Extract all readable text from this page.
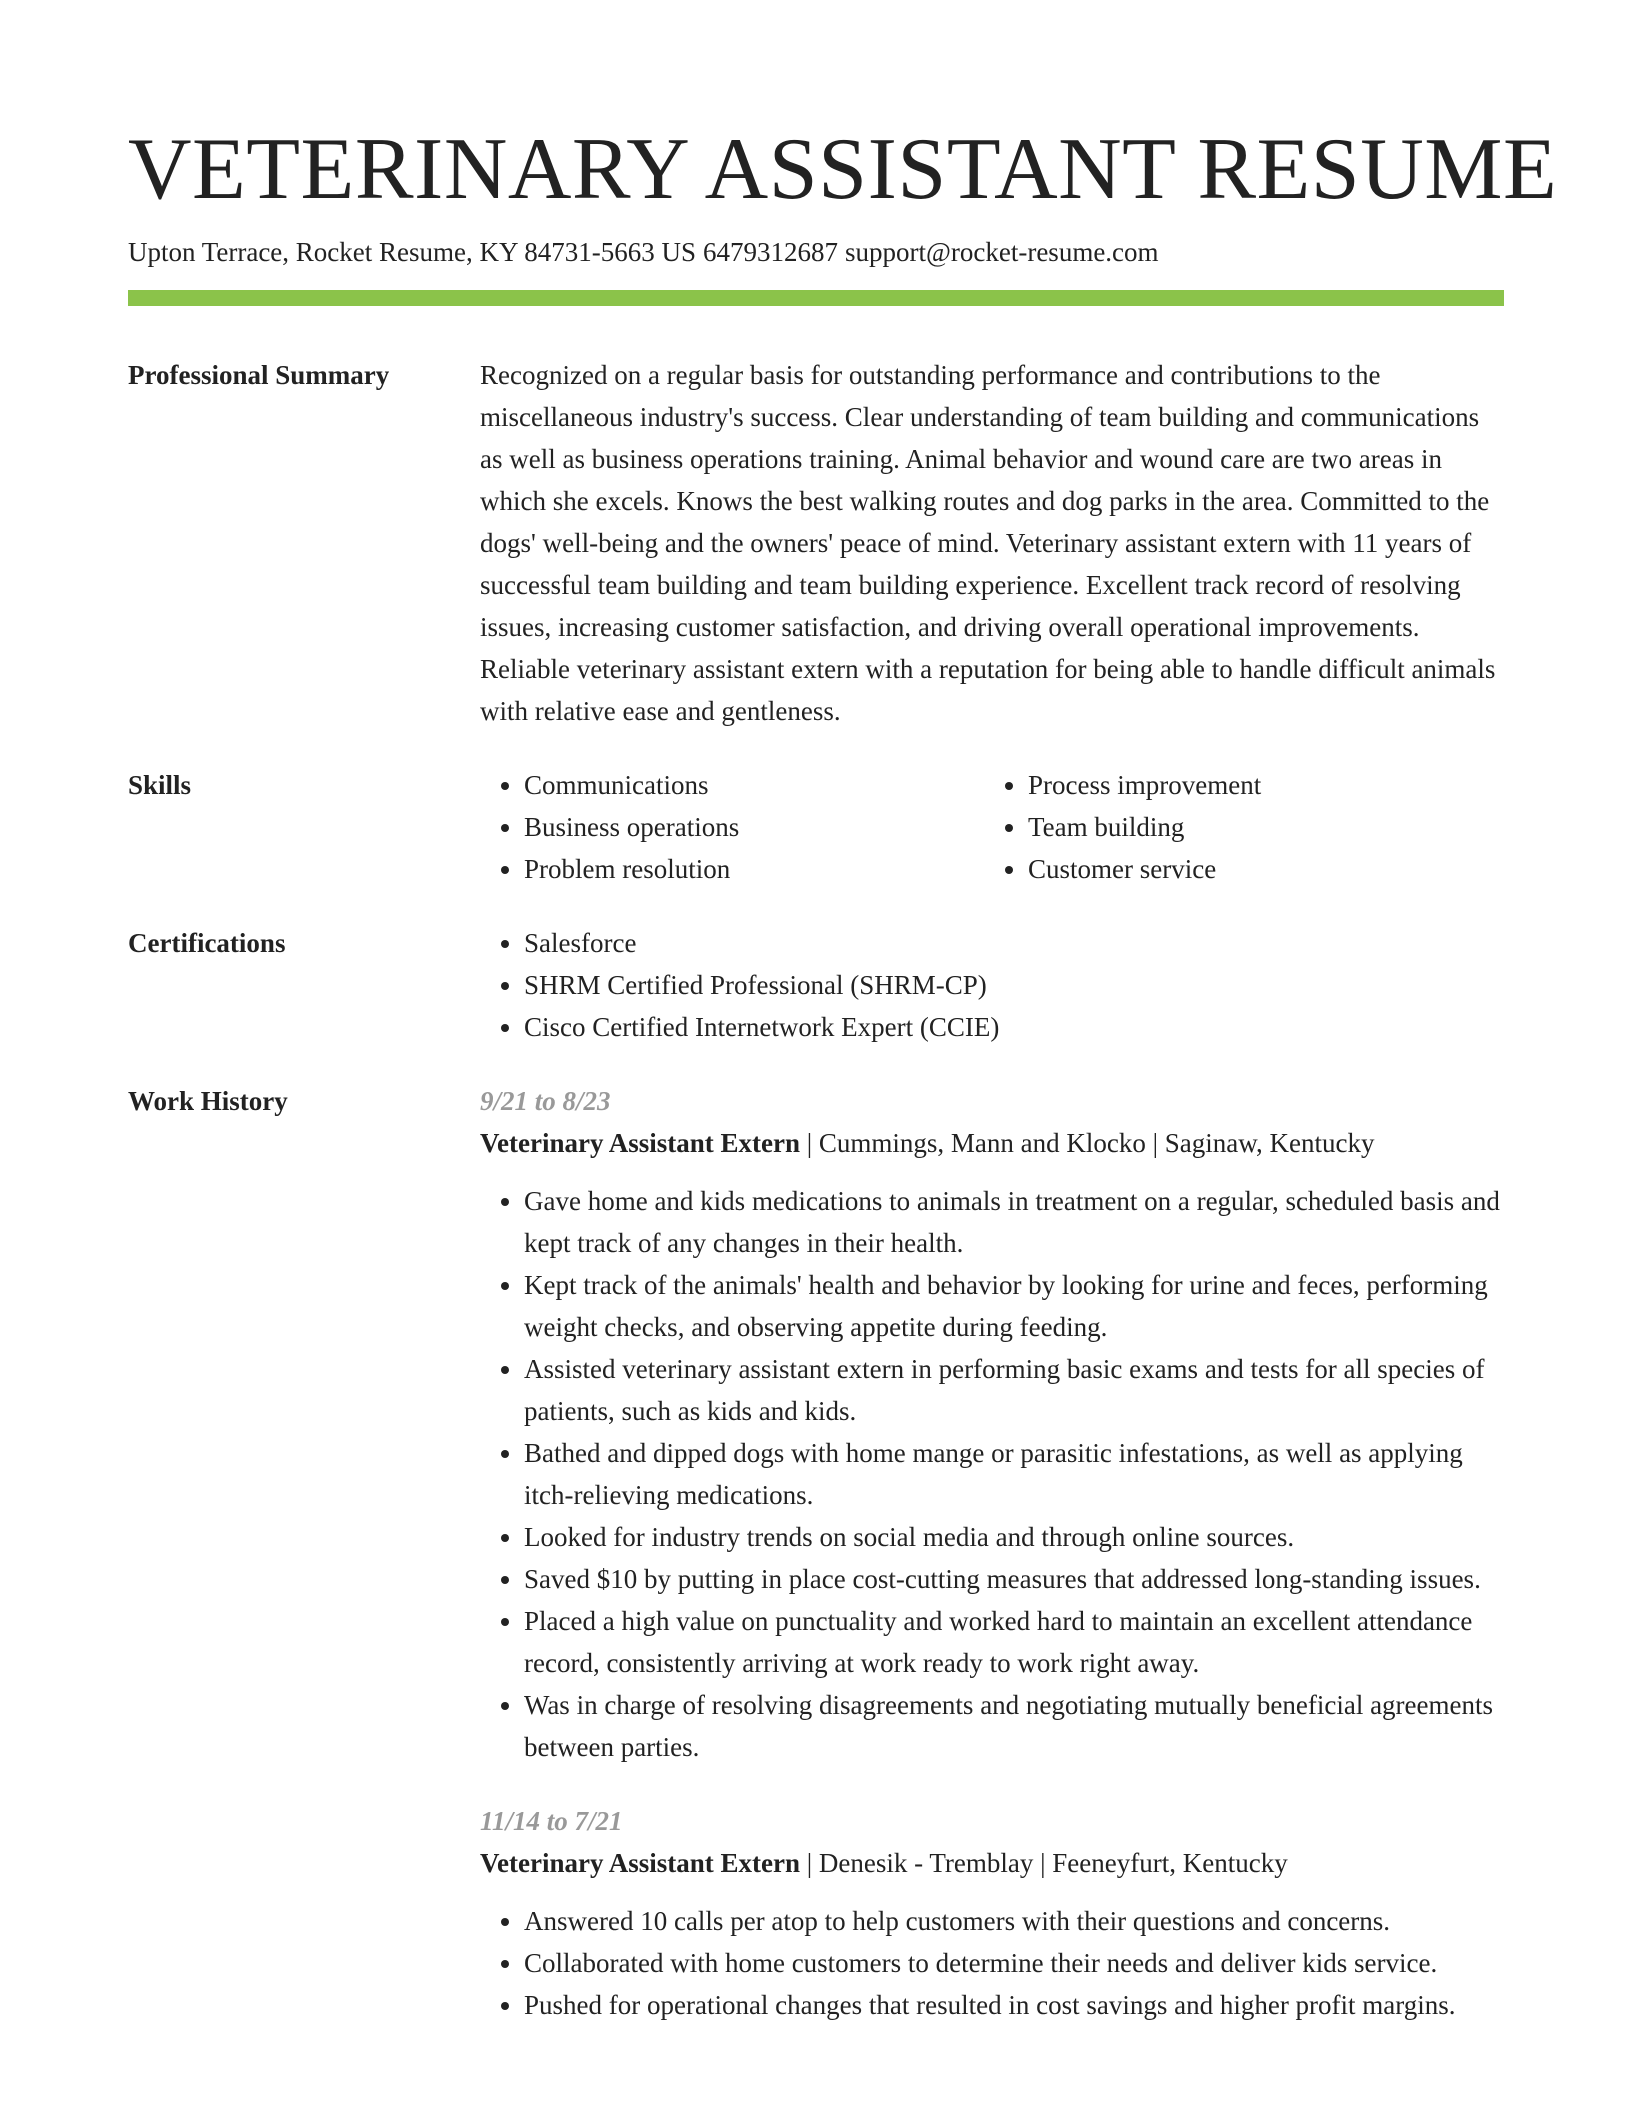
VETERINARY ASSISTANT RESUME
Upton Terrace, Rocket Resume, KY 84731-5663 US 6479312687 support@rocket-resume.com
Professional Summary	Recognized on a regular basis for outstanding performance and contributions to the miscellaneous industry's success. Clear understanding of team building and communications as well as business operations training. Animal behavior and wound care are two areas in which she excels. Knows the best walking routes and dog parks in the area. Committed to the dogs' well-being and the owners' peace of mind. Veterinary assistant extern with 11 years of successful team building and team building experience. Excellent track record of resolving issues, increasing customer satisfaction, and driving overall operational improvements. Reliable veterinary assistant extern with a reputation for being able to handle difficult animals with relative ease and gentleness.

Skills	• Communications
• Business operations
• Problem resolution
• Process improvement
• Team building
• Customer service
Certifications	• Salesforce
• SHRM Certified Professional (SHRM-CP)
• Cisco Certified Internetwork Expert (CCIE)
Work History	9/21 to 8/23
Veterinary Assistant Extern | Cummings, Mann and Klocko | Saginaw, Kentucky
• Gave home and kids medications to animals in treatment on a regular, scheduled basis and kept track of any changes in their health.
• Kept track of the animals' health and behavior by looking for urine and feces, performing weight checks, and observing appetite during feeding.
• Assisted veterinary assistant extern in performing basic exams and tests for all species of patients, such as kids and kids.
• Bathed and dipped dogs with home mange or parasitic infestations, as well as applying itch-relieving medications.
• Looked for industry trends on social media and through online sources.
• Saved $10 by putting in place cost-cutting measures that addressed long-standing issues.
• Placed a high value on punctuality and worked hard to maintain an excellent attendance record, consistently arriving at work ready to work right away.
• Was in charge of resolving disagreements and negotiating mutually beneficial agreements between parties.
11/14 to 7/21
Veterinary Assistant Extern | Denesik - Tremblay | Feeneyfurt, Kentucky
• Answered 10 calls per atop to help customers with their questions and concerns.
• Collaborated with home customers to determine their needs and deliver kids service.
• Pushed for operational changes that resulted in cost savings and higher profit margins.
